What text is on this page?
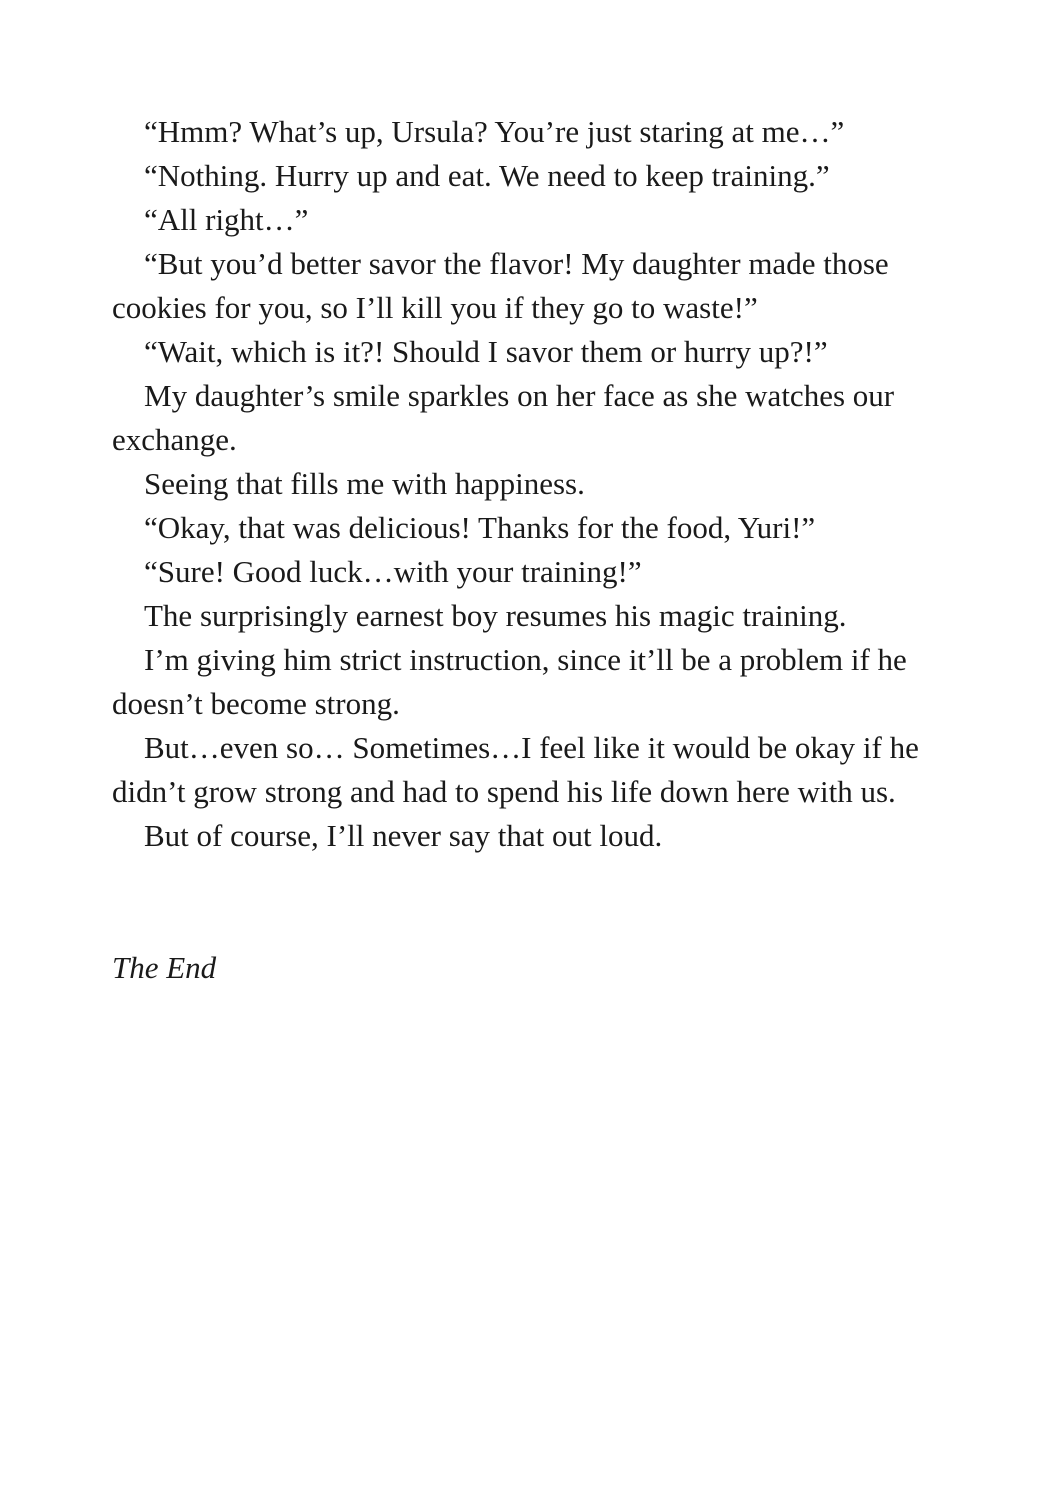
“Hmm? What’s up, Ursula? You’re just staring at me…”

“Nothing. Hurry up and eat. We need to keep training.”

“All right…”

“But you’d better savor the flavor! My daughter made those cookies for you, so I’ll kill you if they go to waste!”

“Wait, which is it?! Should I savor them or hurry up?!”

My daughter’s smile sparkles on her face as she watches our exchange.

Seeing that fills me with happiness.

“Okay, that was delicious! Thanks for the food, Yuri!”

“Sure! Good luck…with your training!”

The surprisingly earnest boy resumes his magic training.

I’m giving him strict instruction, since it’ll be a problem if he doesn’t become strong.

But…even so… Sometimes…I feel like it would be okay if he didn’t grow strong and had to spend his life down here with us.

But of course, I’ll never say that out loud.

The End
